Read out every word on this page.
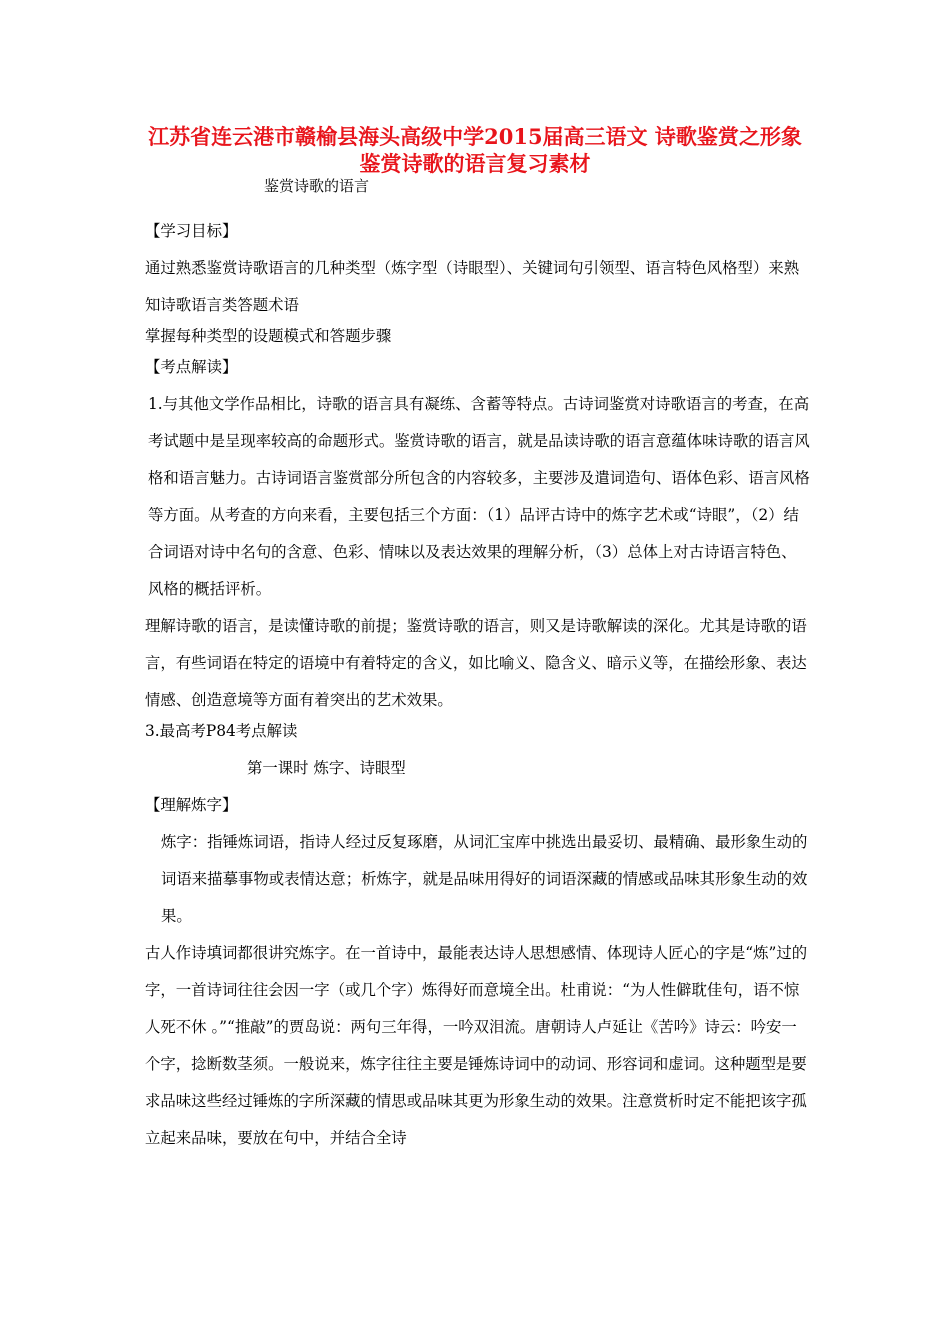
江苏省连云港市赣榆县海头高级中学2015届高三语文 诗歌鉴赏之形象 鉴赏诗歌的语言复习素材

鉴赏诗歌的语言

【学习目标】

通过熟悉鉴赏诗歌语言的几种类型（炼字型（诗眼型）、关键词句引领型、语言特色风格型）来熟知诗歌语言类答题术语

掌握每种类型的设题模式和答题步骤

【考点解读】

1.与其他文学作品相比，诗歌的语言具有凝练、含蓄等特点。古诗词鉴赏对诗歌语言的考查，在高考试题中是呈现率较高的命题形式。鉴赏诗歌的语言，就是品读诗歌的语言意蕴体味诗歌的语言风格和语言魅力。古诗词语言鉴赏部分所包含的内容较多，主要涉及遣词造句、语体色彩、语言风格等方面。从考查的方向来看，主要包括三个方面：（1）品评古诗中的炼字艺术或“诗眼”，（2）结合词语对诗中名句的含意、色彩、情味以及表达效果的理解分析，（3）总体上对古诗语言特色、风格的概括评析。

理解诗歌的语言，是读懂诗歌的前提；鉴赏诗歌的语言，则又是诗歌解读的深化。尤其是诗歌的语言，有些词语在特定的语境中有着特定的含义，如比喻义、隐含义、暗示义等，在描绘形象、表达情感、创造意境等方面有着突出的艺术效果。

3.最高考P84考点解读

第一课时 炼字、诗眼型

【理解炼字】

炼字：指锤炼词语，指诗人经过反复琢磨，从词汇宝库中挑选出最妥切、最精确、最形象生动的词语来描摹事物或表情达意；析炼字，就是品味用得好的词语深藏的情感或品味其形象生动的效果。

古人作诗填词都很讲究炼字。在一首诗中，最能表达诗人思想感情、体现诗人匠心的字是“炼”过的字，一首诗词往往会因一字（或几个字）炼得好而意境全出。杜甫说：“为人性僻耽佳句，语不惊人死不休 。”“推敲”的贾岛说：两句三年得，一吟双泪流。唐朝诗人卢延让《苦吟》诗云：吟安一个字，捻断数茎须。一般说来，炼字往往主要是锤炼诗词中的动词、形容词和虚词。这种题型是要求品味这些经过锤炼的字所深藏的情思或品味其更为形象生动的效果。注意赏析时定不能把该字孤立起来品味，要放在句中，并结合全诗
